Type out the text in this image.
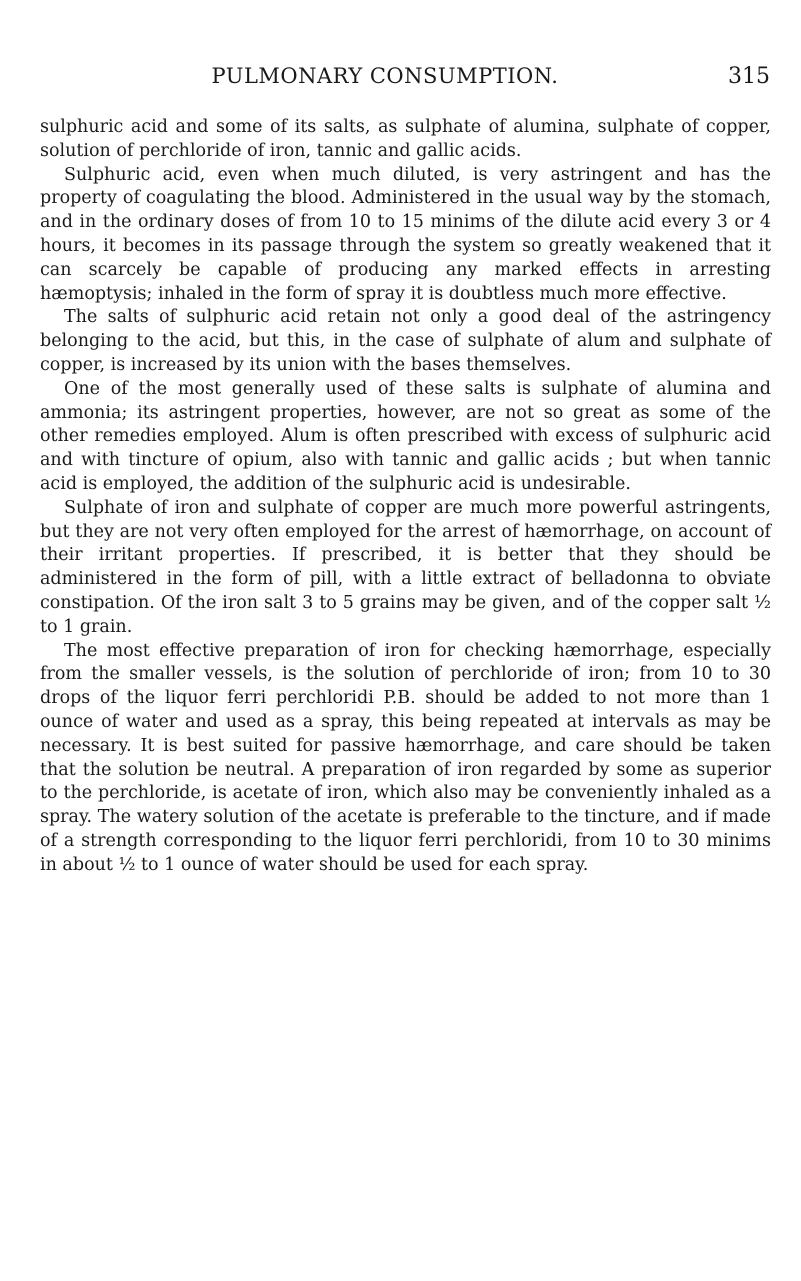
PULMONARY CONSUMPTION.	315

sulphuric acid and some of its salts, as sulphate of alumina, sulphate of copper, solution of perchloride of iron, tannic and gallic acids.

Sulphuric acid, even when much diluted, is very astringent and has the property of coagulating the blood. Administered in the usual way by the stomach, and in the ordinary doses of from 10 to 15 minims of the dilute acid every 3 or 4 hours, it becomes in its passage through the system so greatly weakened that it can scarcely be capable of producing any marked effects in arresting hæmoptysis; inhaled in the form of spray it is doubtless much more effective.

The salts of sulphuric acid retain not only a good deal of the astringency belonging to the acid, but this, in the case of sulphate of alum and sulphate of copper, is increased by its union with the bases themselves.

One of the most generally used of these salts is sulphate of alumina and ammonia; its astringent properties, however, are not so great as some of the other remedies employed. Alum is often prescribed with excess of sulphuric acid and with tincture of opium, also with tannic and gallic acids ; but when tannic acid is employed, the addition of the sulphuric acid is undesirable.

Sulphate of iron and sulphate of copper are much more powerful astringents, but they are not very often employed for the arrest of hæmorrhage, on account of their irritant properties. If prescribed, it is better that they should be administered in the form of pill, with a little extract of belladonna to obviate constipation. Of the iron salt 3 to 5 grains may be given, and of the copper salt ½ to 1 grain.

The most effective preparation of iron for checking hæmorrhage, especially from the smaller vessels, is the solution of perchloride of iron; from 10 to 30 drops of the liquor ferri perchloridi P.B. should be added to not more than 1 ounce of water and used as a spray, this being repeated at intervals as may be necessary. It is best suited for passive hæmorrhage, and care should be taken that the solution be neutral. A preparation of iron regarded by some as superior to the perchloride, is acetate of iron, which also may be conveniently inhaled as a spray. The watery solution of the acetate is preferable to the tincture, and if made of a strength corresponding to the liquor ferri perchloridi, from 10 to 30 minims in about ½ to 1 ounce of water should be used for each spray.
